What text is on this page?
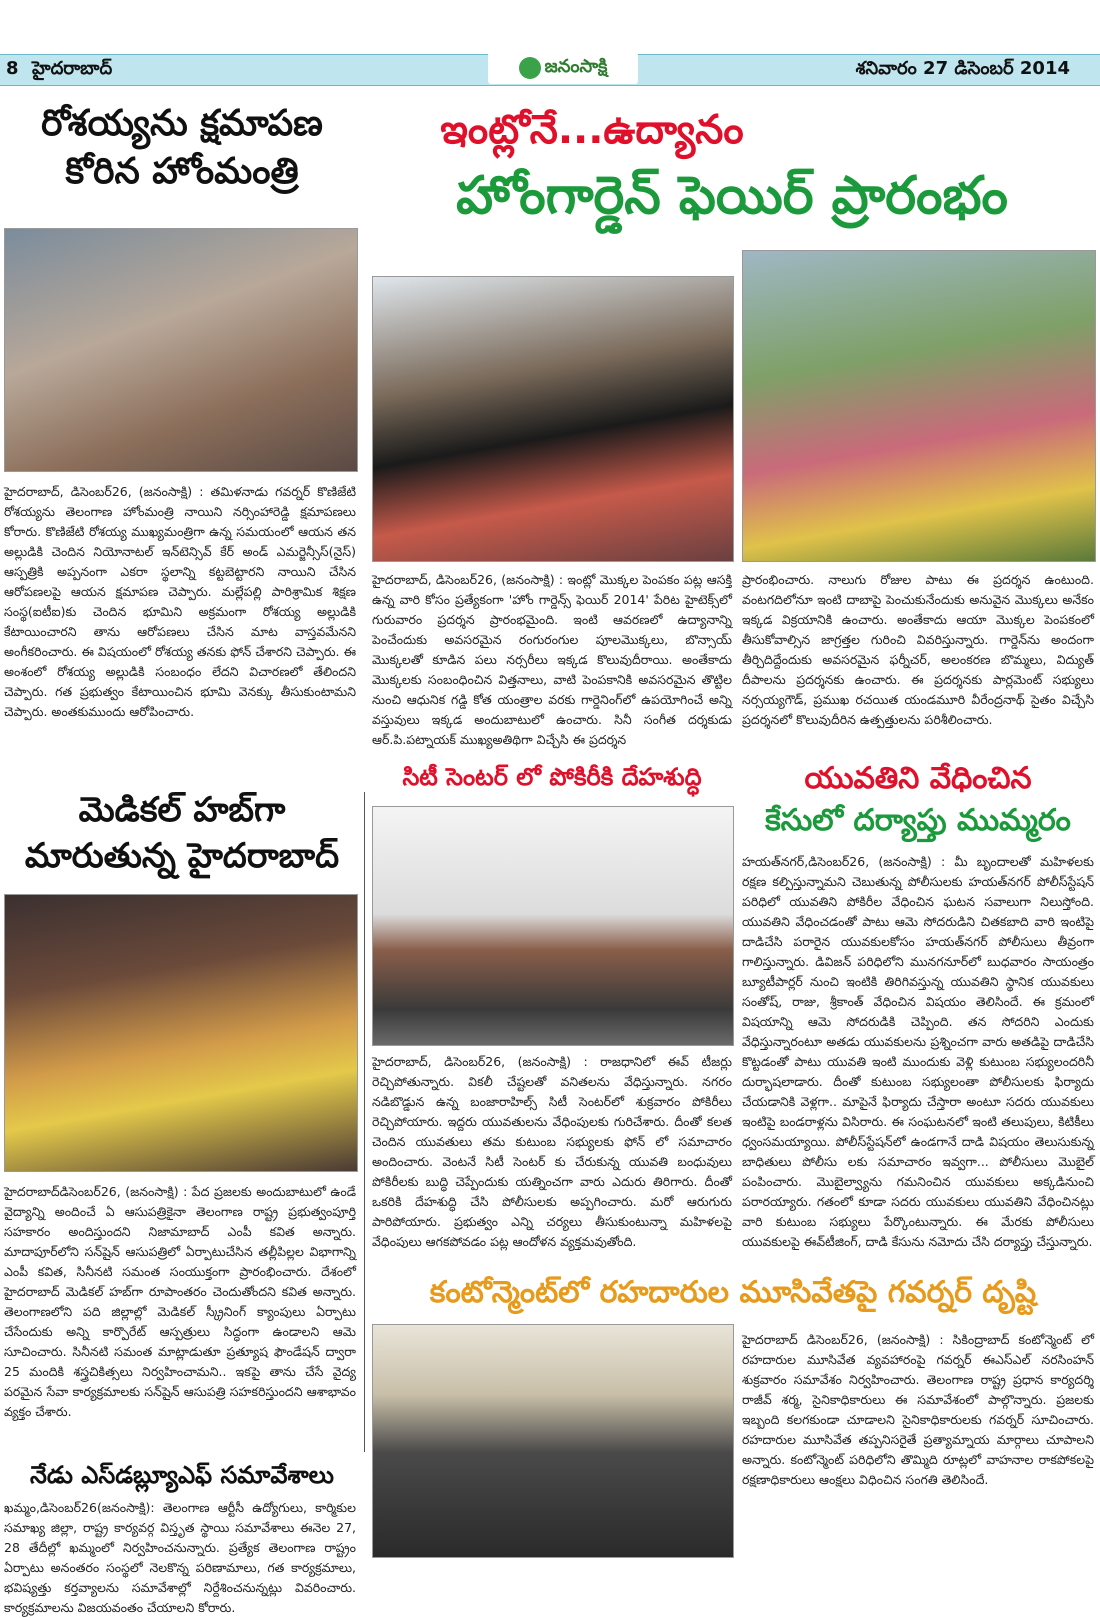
8 హైదరాబాద్	జనంసాక్షి	శనివారం 27 డిసెంబర్ 2014
రోశయ్యను క్షమాపణ
కోరిన హోంమంత్రి
హైదరాబాద్, డిసెంబర్26, (జనంసాక్షి) : తమిళనాడు గవర్నర్ కొణిజేటి రోశయ్యను తెలంగాణ హోంమంత్రి నాయిని నర్సింహారెడ్డి క్షమాపణలు కోరారు. కొణిజేటి రోశయ్య ముఖ్యమంత్రిగా ఉన్న సమయంలో ఆయన తన అల్లుడికి చెందిన నియోనాటల్ ఇన్‌టెన్సివ్ కేర్ అండ్ ఎమర్జెన్సీస్(నైస్) ఆస్పత్రికి అప్పనంగా ఎకరా స్థలాన్ని కట్టబెట్టారని నాయిని చేసిన ఆరోపణలపై ఆయన క్షమాపణ చెప్పారు. మల్లేపల్లి పారిశ్రామిక శిక్షణ సంస్థ(ఐటీఐ)కు చెందిన భూమిని అక్రమంగా రోశయ్య అల్లుడికి కేటాయించారని తాను ఆరోపణలు చేసిన మాట వాస్తవమేనని అంగీకరించారు. ఈ విషయంలో రోశయ్య తనకు ఫోన్ చేశారని చెప్పారు. ఈ అంశంలో రోశయ్య అల్లుడికి సంబంధం లేదని విచారణలో తేలిందని చెప్పారు. గత ప్రభుత్వం కేటాయించిన భూమి వెనక్కు తీసుకుంటామని చెప్పారు. అంతకుముందు ఆరోపించారు.
ఇంట్లోనే...ఉద్యానం
హోంగార్డెన్ ఫెయిర్ ప్రారంభం
హైదరాబాద్, డిసెంబర్26, (జనంసాక్షి) : ఇంట్లో మొక్కల పెంపకం పట్ల ఆసక్తి ఉన్న వారి కోసం ప్రత్యేకంగా 'హోం గార్డెన్స్ ఫెయిర్ 2014' పేరిట హైటెక్స్‌లో గురువారం ప్రదర్శన ప్రారంభమైంది. ఇంటి ఆవరణలో ఉద్యానాన్ని పెంచేందుకు అవసరమైన రంగురంగుల పూలమొక్కలు, బొన్సాయ్ మొక్కలతో కూడిన పలు నర్సరీలు ఇక్కడ కొలువుదీరాయి. అంతేకాదు మొక్కలకు సంబంధించిన విత్తనాలు, వాటి పెంపకానికి అవసరమైన తొట్టిల నుంచి ఆధునిక గడ్డి కోత యంత్రాల వరకు గార్డెనింగ్‌లో ఉపయోగించే అన్ని వస్తువులు ఇక్కడ అందుబాటులో ఉంచారు. సినీ సంగీత దర్శకుడు ఆర్.పి.పట్నాయక్ ముఖ్యఅతిథిగా విచ్చేసి ఈ ప్రదర్శన
ప్రారంభించారు. నాలుగు రోజుల పాటు ఈ ప్రదర్శన ఉంటుంది. వంటగదిలోనూ ఇంటి దాబాపై పెంచుకునేందుకు అనువైన మొక్కలు అనేకం ఇక్కడ విక్రయానికి ఉంచారు. అంతేకాదు ఆయా మొక్కల పెంపకంలో తీసుకోవాల్సిన జాగ్రత్తల గురించి వివరిస్తున్నారు. గార్డెన్‌ను అందంగా తీర్చిదిద్దేందుకు అవసరమైన ఫర్నీచర్, అలంకరణ బొమ్మలు, విద్యుత్ దీపాలను ప్రదర్శనకు ఉంచారు. ఈ ప్రదర్శనకు పార్లమెంట్ సభ్యులు నర్సయ్యగౌడ్, ప్రముఖ రచయిత యండమూరి వీరేంద్రనాథ్ సైతం విచ్చేసి ప్రదర్శనలో కొలువుదీరిన ఉత్పత్తులను పరిశీలించారు.
మెడికల్ హబ్‌గా
మారుతున్న హైదరాబాద్
హైదరాబాద్‌డిసెంబర్26, (జనంసాక్షి) : పేద ప్రజలకు అందుబాటులో ఉండే వైద్యాన్ని అందించే ఏ ఆసుపత్రికైనా తెలంగాణ రాష్ట్ర ప్రభుత్వంపూర్తి సహకారం అందిస్తుందని నిజామాబాద్ ఎంపీ కవిత అన్నారు. మాదాపూర్‌లోని సన్‌షైన్ ఆసుపత్రిలో ఏర్పాటుచేసిన తల్లీపిల్లల విభాగాన్ని ఎంపీ కవిత, సినీనటి సమంత సంయుక్తంగా ప్రారంభించారు. దేశంలో హైదరాబాద్ మెడికల్ హబ్‌గా రూపాంతరం చెందుతోందని కవిత అన్నారు. తెలంగాణలోని పది జిల్లాల్లో మెడికల్ స్క్రీనింగ్ క్యాంపులు ఏర్పాటు చేసేందుకు అన్ని కార్పొరేట్ ఆస్పత్రులు సిద్ధంగా ఉండాలని ఆమె సూచించారు. సినీనటి సమంత మాట్లాడుతూ ప్రత్యూష ఫౌండేషన్ ద్వారా 25 మందికి శస్త్రచికిత్సలు నిర్వహించామని.. ఇకపై తాను చేసే వైద్య పరమైన సేవా కార్యక్రమాలకు సన్‌షైన్ ఆసుపత్రి సహకరిస్తుందని ఆశాభావం వ్యక్తం చేశారు.
సిటీ సెంటర్ లో పోకిరీకి దేహశుద్ధి
హైదరాబాద్, డిసెంబర్26, (జనంసాక్షి) : రాజధానిలో ఈవ్ టీజర్లు రెచ్చిపోతున్నారు. వికలీ చేష్టలతో వనితలను వేధిస్తున్నారు. నగరం నడిబొడ్డున ఉన్న బంజారాహిల్స్ సిటీ సెంటర్‌లో శుక్రవారం పోకిరీలు రెచ్చిపోయారు. ఇద్దరు యువతులను వేధింపులకు గురిచేశారు. దీంతో కలత చెందిన యువతులు తమ కుటుంబ సభ్యులకు ఫోన్ లో సమాచారం అందించారు. వెంటనే సిటీ సెంటర్ కు చేరుకున్న యువతి బంధువులు పోకిరీలకు బుద్ధి చెప్పేందుకు యత్నించగా వారు ఎదురు తిరిగారు. దీంతో ఒకరికి దేహశుద్ధి చేసి పోలీసులకు అప్పగించారు. మరో ఆరుగురు పారిపోయారు. ప్రభుత్వం ఎన్ని చర్యలు తీసుకుంటున్నా మహిళలపై వేధింపులు ఆగకపోవడం పట్ల ఆందోళన వ్యక్తమవుతోంది.
యువతిని వేధించిన
కేసులో దర్యాప్తు ముమ్మరం
హయత్‌నగర్,డిసెంబర్26, (జనంసాక్షి) : మీ బృందాలతో మహిళలకు రక్షణ కల్పిస్తున్నామని చెబుతున్న పోలీసులకు హయత్‌నగర్ పోలీస్‌స్టేషన్ పరిధిలో యువతిని పోకిరీల వేధించిన ఘటన సవాలుగా నిలుస్తోంది. యువతిని వేధించడంతో పాటు ఆమె సోదరుడిని చితకబాది వారి ఇంటిపై దాడిచేసి పరారైన యువకులకోసం హయత్‌నగర్ పోలీసులు తీవ్రంగా గాలిస్తున్నారు. డివిజన్ పరిధిలోని మునగనూర్‌లో బుధవారం సాయంత్రం బ్యూటీపార్లర్ నుంచి ఇంటికి తిరిగివస్తున్న యువతిని స్థానిక యువకులు సంతోష్, రాజు, శ్రీకాంత్ వేధించిన విషయం తెలిసిందే. ఈ క్రమంలో విషయాన్ని ఆమె సోదరుడికి చెప్పింది. తన సోదరిని ఎందుకు వేధిస్తున్నారంటూ అతడు యువకులను ప్రశ్నించగా వారు అతడిపై దాడిచేసి కొట్టడంతో పాటు యువతి ఇంటి ముందుకు వెళ్లి కుటుంబ సభ్యులందరినీ దుర్భాషలాడారు. దీంతో కుటుంబ సభ్యులంతా పోలీసులకు ఫిర్యాదు చేయడానికి వెళ్లగా.. మాపైనే ఫిర్యాదు చేస్తారా అంటూ సదరు యువకులు ఇంటిపై బండరాళ్లను విసిరారు. ఈ సంఘటనలో ఇంటి తలుపులు, కిటికీలు ధ్వంసమయ్యాయి. పోలీస్‌స్టేషన్‌లో ఉండగానే దాడి విషయం తెలుసుకున్న బాధితులు పోలీసు లకు సమాచారం ఇవ్వగా... పోలీసులు మొబైల్ పంపించారు. మొబైల్వ్యాను గమనించిన యువకులు అక్కడినుంచి పరారయ్యారు. గతంలో కూడా సదరు యువకులు యువతిని వేధించినట్లు వారి కుటుంబ సభ్యులు పేర్కొంటున్నారు. ఈ మేరకు పోలీసులు యువకులపై ఈవ్‌టీజింగ్, దాడి కేసును నమోదు చేసి దర్యాప్తు చేస్తున్నారు.
నేడు ఎస్‌డబ్ల్యూఎఫ్ సమావేశాలు
ఖమ్మం,డిసెంబర్26(జనంసాక్షి): తెలంగాణ ఆర్టీసీ ఉద్యోగులు, కార్మికుల సమాఖ్య జిల్లా, రాష్ట్ర కార్యవర్గ విస్తృత స్థాయి సమావేశాలు ఈనెల 27, 28 తేదీల్లో ఖమ్మంలో నిర్వహించనున్నారు. ప్రత్యేక తెలంగాణ రాష్ట్రం ఏర్పాటు అనంతరం సంస్థలో నెలకొన్న పరిణామాలు, గత కార్యక్రమాలు, భవిష్యత్తు కర్తవ్యాలను సమావేశాల్లో నిర్దేశించనున్నట్లు వివరించారు. కార్యక్రమాలను విజయవంతం చేయాలని కోరారు.
కంటోన్మెంట్‌లో రహదారుల మూసివేతపై గవర్నర్ దృష్టి
హైదరాబాద్ డిసెంబర్26, (జనంసాక్షి) : సికింద్రాబాద్ కంటోన్మెంట్ లో రహదారుల మూసివేత వ్యవహారంపై గవర్నర్ ఈఎస్ఎల్ నరసింహన్ శుక్రవారం సమావేశం నిర్వహించారు. తెలంగాణ రాష్ట్ర ప్రధాన కార్యదర్శి రాజీవ్ శర్మ, సైనికాధికారులు ఈ సమావేశంలో పాల్గొన్నారు. ప్రజలకు ఇబ్బంది కలగకుండా చూడాలని సైనికాధికారులకు గవర్నర్ సూచించారు. రహదారుల మూసివేత తప్పనిసరైతే ప్రత్యామ్నాయ మార్గాలు చూపాలని అన్నారు. కంటోన్మెంట్ పరిధిలోని తొమ్మిది రూట్లలో వాహనాల రాకపోకలపై రక్షణాధికారులు ఆంక్షలు విధించిన సంగతి తెలిసిందే.
